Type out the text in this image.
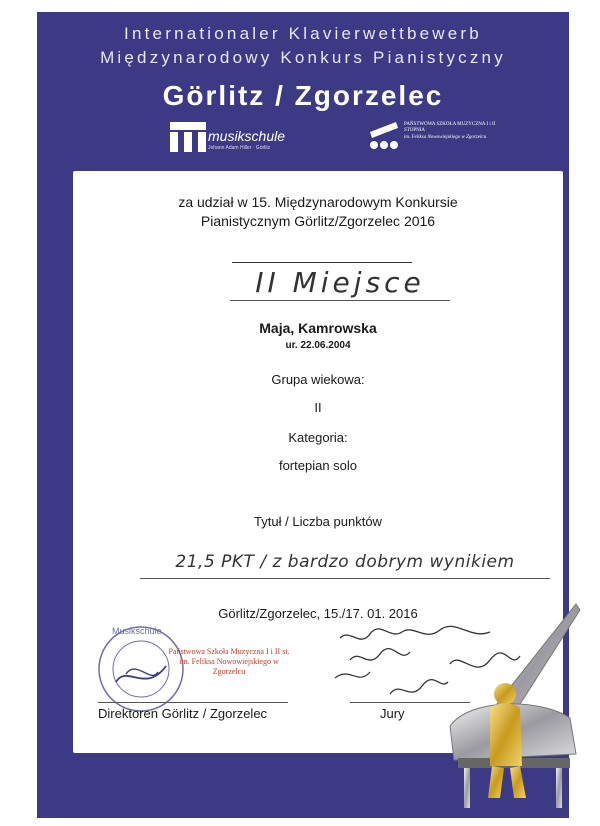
Internationaler Klavierwettbewerb
Międzynarodowy Konkurs Pianistyczny
Görlitz / Zgorzelec
musikschule
Johann Adam Hiller · Görlitz
PAŃSTWOWA SZKOŁA MUZYCZNA I i II STOPNIA
im. Feliksa Nowowiejskiego w Zgorzelcu
za udział w 15. Międzynarodowym Konkursie
Pianistycznym Görlitz/Zgorzelec 2016
II Miejsce
Maja, Kamrowska
ur. 22.06.2004
Grupa wiekowa:
II
Kategoria:
fortepian solo
Tytuł / Liczba punktów
21,5 PKT / z bardzo dobrym wynikiem
Görlitz/Zgorzelec, 15./17. 01. 2016
Musikschule
Państwowa Szkoła Muzyczna I i II st. im. Feliksa Nowowiejskiego w Zgorzelcu
Direktoren Görlitz / Zgorzelec	Jury
